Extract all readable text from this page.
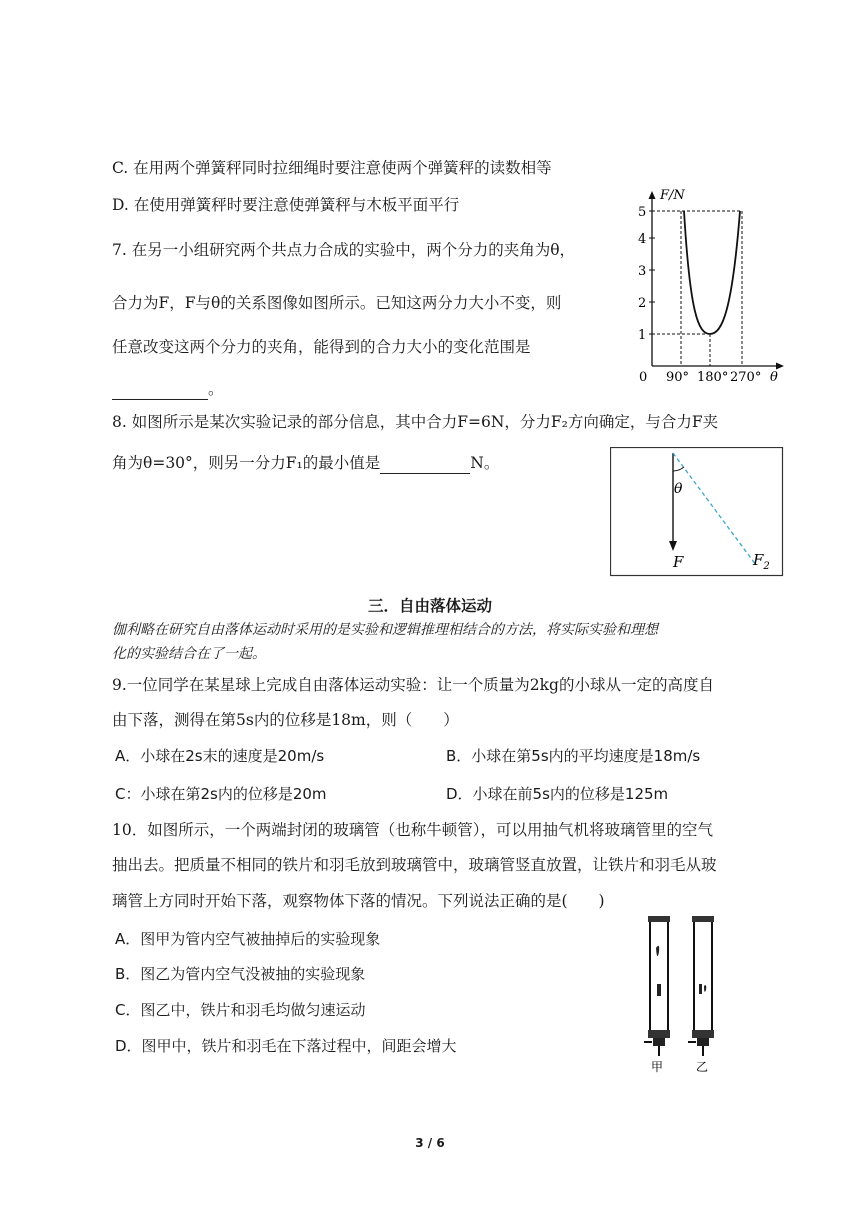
C. 在用两个弹簧秤同时拉细绳时要注意使两个弹簧秤的读数相等
D. 在使用弹簧秤时要注意使弹簧秤与木板平面平行
7. 在另一小组研究两个共点力合成的实验中，两个分力的夹角为θ，
合力为F，F与θ的关系图像如图所示。已知这两分力大小不变，则
任意改变这两个分力的夹角，能得到的合力大小的变化范围是
。
F/N
1
2
3
4
5
0 90° 180° 270° θ
8. 如图所示是某次实验记录的部分信息，其中合力F=6N，分力F₂方向确定，与合力F夹
角为θ=30°，则另一分力F₁的最小值是	N。
θ
F	$F_2$
三．自由落体运动
伽利略在研究自由落体运动时采用的是实验和逻辑推理相结合的方法，将实际实验和理想
化的实验结合在了一起。
9.一位同学在某星球上完成自由落体运动实验：让一个质量为2kg的小球从一定的高度自
由下落，测得在第5s内的位移是18m，则（　　）
A．小球在2s末的速度是20m/s	B．小球在第5s内的平均速度是18m/s
C：小球在第2s内的位移是20m	D．小球在前5s内的位移是125m
10．如图所示，一个两端封闭的玻璃管（也称牛顿管），可以用抽气机将玻璃管里的空气
抽出去。把质量不相同的铁片和羽毛放到玻璃管中，玻璃管竖直放置，让铁片和羽毛从玻
璃管上方同时开始下落，观察物体下落的情况。下列说法正确的是(　　)
A．图甲为管内空气被抽掉后的实验现象
B．图乙为管内空气没被抽的实验现象
C．图乙中，铁片和羽毛均做匀速运动
D．图甲中，铁片和羽毛在下落过程中，间距会增大
甲	乙
3 / 6
